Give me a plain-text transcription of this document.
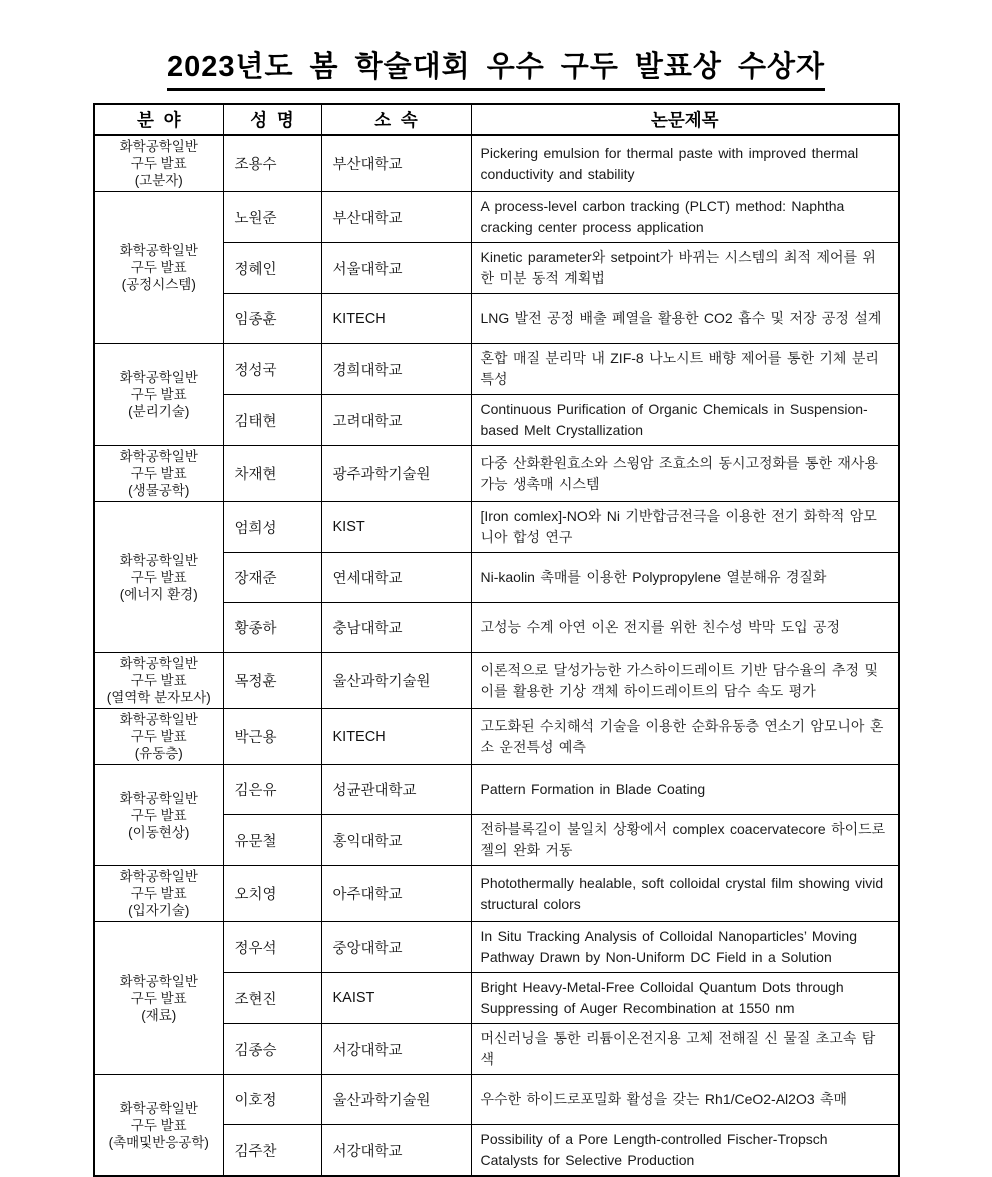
2023년도 봄 학술대회 우수 구두 발표상 수상자
분  야	성  명	소  속	논문제목

화학공학일반
구두 발표
(고분자)	조용수	부산대학교	Pickering emulsion for thermal paste with improved thermal conductivity and stability

화학공학일반
구두 발표
(공정시스템)	노원준	부산대학교	A process-level carbon tracking (PLCT) method: Naphtha cracking center process application
	정혜인	서울대학교	Kinetic parameter와 setpoint가 바뀌는 시스템의 최적 제어를 위한 미분 동적 계획법
	임종훈	KITECH	LNG 발전 공정 배출 폐열을 활용한 CO2 흡수 및 저장 공정 설계

화학공학일반
구두 발표
(분리기술)	정성국	경희대학교	혼합 매질 분리막 내 ZIF-8 나노시트 배향 제어를 통한 기체 분리 특성
	김태현	고려대학교	Continuous Purification of Organic Chemicals in Suspension-based Melt Crystallization

화학공학일반
구두 발표
(생물공학)	차재현	광주과학기술원	다중 산화환원효소와 스윙암 조효소의 동시고정화를 통한 재사용 가능 생촉매 시스템

화학공학일반
구두 발표
(에너지 환경)	엄희성	KIST	[Iron comlex]-NO와 Ni 기반합금전극을 이용한 전기 화학적 암모니아 합성 연구
	장재준	연세대학교	Ni-kaolin 촉매를 이용한 Polypropylene 열분해유 경질화
	황종하	충남대학교	고성능 수계 아연 이온 전지를 위한 친수성 박막 도입 공정

화학공학일반
구두 발표
(열역학 분자모사)	목정훈	울산과학기술원	이론적으로 달성가능한 가스하이드레이트 기반 담수율의 추정 및 이를 활용한 기상 객체 하이드레이트의 담수 속도 평가

화학공학일반
구두 발표
(유동층)	박근용	KITECH	고도화된 수치해석 기술을 이용한 순화유동층 연소기 암모니아 혼소 운전특성 예측

화학공학일반
구두 발표
(이동현상)	김은유	성균관대학교	Pattern Formation in Blade Coating
	유문철	홍익대학교	전하블록길이 불일치 상황에서 complex coacervatecore 하이드로젤의 완화 거동

화학공학일반
구두 발표
(입자기술)	오치영	아주대학교	Photothermally healable, soft colloidal crystal film showing vivid structural colors

화학공학일반
구두 발표
(재료)	정우석	중앙대학교	In Situ Tracking Analysis of Colloidal Nanoparticles’ Moving Pathway Drawn by Non-Uniform DC Field in a Solution
	조현진	KAIST	Bright Heavy-Metal-Free Colloidal Quantum Dots through Suppressing of Auger Recombination at 1550 nm
	김종승	서강대학교	머신러닝을 통한 리튬이온전지용 고체 전해질 신 물질 초고속 탐색

화학공학일반
구두 발표
(촉매및반응공학)	이호정	울산과학기술원	우수한 하이드로포밀화 활성을 갖는 Rh1/CeO2-Al2O3 촉매
	김주찬	서강대학교	Possibility of a Pore Length-controlled Fischer-Tropsch Catalysts for Selective Production
